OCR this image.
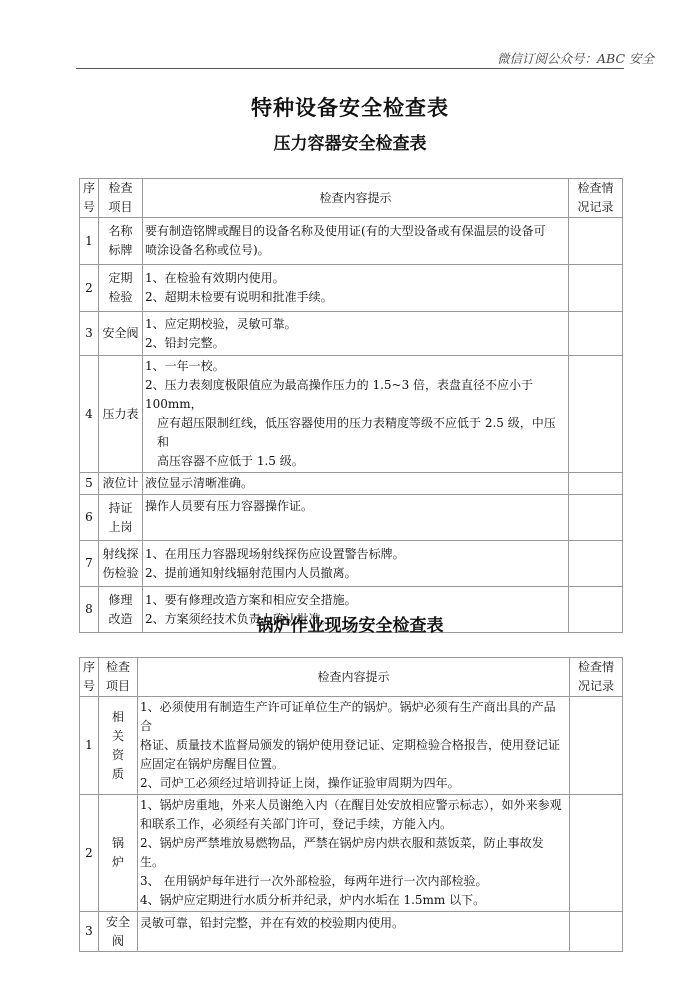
微信订阅公众号：ABC 安全
特种设备安全检查表
压力容器安全检查表
序
号	检查
项目	检查内容提示	检查情
况记录

1	名称
标牌	要有制造铭牌或醒目的设备名称及使用证(有的大型设备或有保温层的设备可
喷涂设备名称或位号)。	

2	定期
检验	1、在检验有效期内使用。
2、超期未检要有说明和批准手续。	

3	安全阀	1、应定期校验，灵敏可靠。
2、铅封完整。	

4	压力表	1、一年一校。
2、压力表刻度极限值应为最高操作压力的 1.5~3 倍，表盘直径不应小于 100mm，
应有超压限制红线，低压容器使用的压力表精度等级不应低于 2.5 级，中压和
高压容器不应低于 1.5 级。	

5	液位计	液位显示清晰准确。	
6	持证
上岗	操作人员要有压力容器操作证。	
7	射线探
伤检验	1、在用压力容器现场射线探伤应设置警告标牌。
2、提前通知射线辐射范围内人员撤离。	

8	修理
改造	1、要有修理改造方案和相应安全措施。
2、方案须经技术负责人确认批准。	

锅炉作业现场安全检查表
序
号	检查
项目	检查内容提示	检查情
况记录

1	相
关
资
质	1、必须使用有制造生产许可证单位生产的锅炉。锅炉必须有生产商出具的产品合
格证、质量技术监督局颁发的锅炉使用登记证、定期检验合格报告，使用登记证
应固定在锅炉房醒目位置。
2、司炉工必须经过培训持证上岗，操作证验审周期为四年。	

2	锅
炉	1、锅炉房重地，外来人员谢绝入内（在醒目处安放相应警示标志），如外来参观
和联系工作，必须经有关部门许可，登记手续，方能入内。
2、锅炉房严禁堆放易燃物品，严禁在锅炉房内烘衣服和蒸饭菜，防止事故发生。
3、 在用锅炉每年进行一次外部检验，每两年进行一次内部检验。
4、锅炉应定期进行水质分析并纪录，炉内水垢在 1.5mm 以下。	

3	安全
阀	灵敏可靠，铅封完整，并在有效的校验期内使用。	
